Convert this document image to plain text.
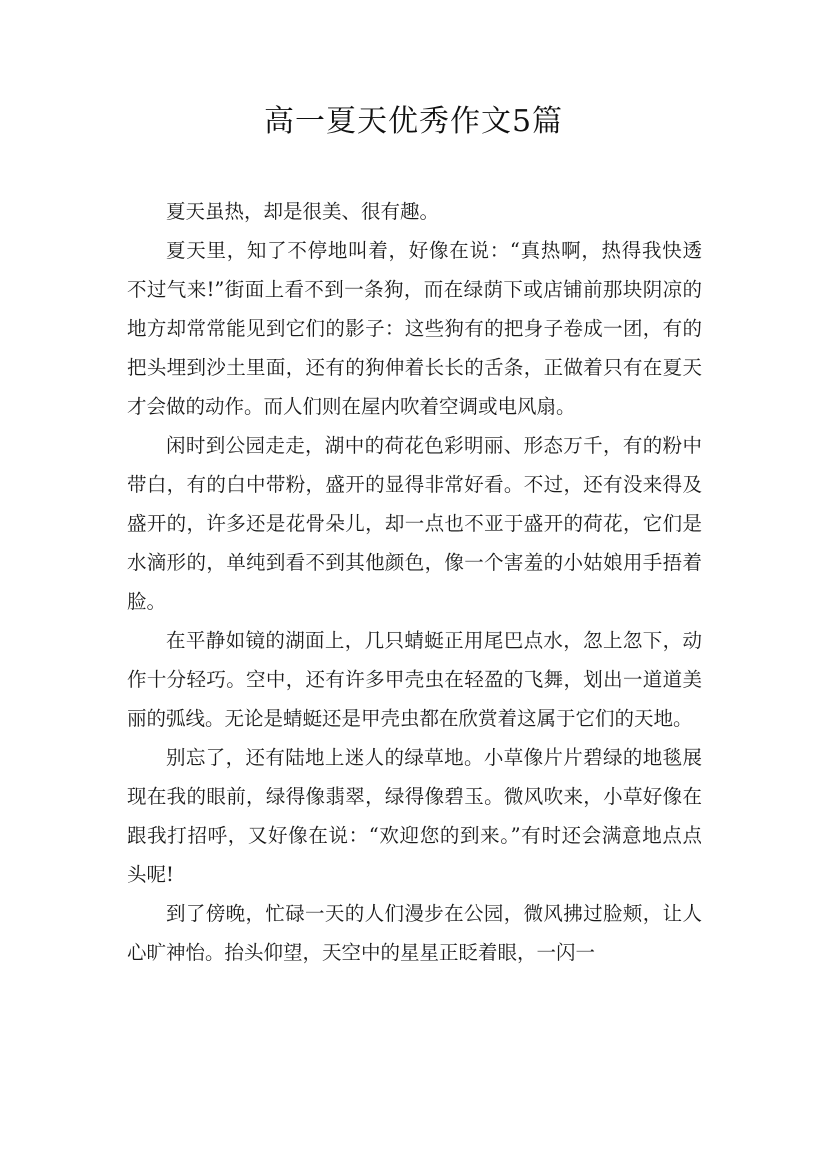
高一夏天优秀作文5篇

夏天虽热，却是很美、很有趣。

夏天里，知了不停地叫着，好像在说：“真热啊，热得我快透不过气来!”街面上看不到一条狗，而在绿荫下或店铺前那块阴凉的地方却常常能见到它们的影子：这些狗有的把身子卷成一团，有的把头埋到沙土里面，还有的狗伸着长长的舌条，正做着只有在夏天才会做的动作。而人们则在屋内吹着空调或电风扇。

闲时到公园走走，湖中的荷花色彩明丽、形态万千，有的粉中带白，有的白中带粉，盛开的显得非常好看。不过，还有没来得及盛开的，许多还是花骨朵儿，却一点也不亚于盛开的荷花，它们是水滴形的，单纯到看不到其他颜色，像一个害羞的小姑娘用手捂着脸。

在平静如镜的湖面上，几只蜻蜓正用尾巴点水，忽上忽下，动作十分轻巧。空中，还有许多甲壳虫在轻盈的飞舞，划出一道道美丽的弧线。无论是蜻蜓还是甲壳虫都在欣赏着这属于它们的天地。

别忘了，还有陆地上迷人的绿草地。小草像片片碧绿的地毯展现在我的眼前，绿得像翡翠，绿得像碧玉。微风吹来，小草好像在跟我打招呼，又好像在说：“欢迎您的到来。”有时还会满意地点点头呢!

到了傍晚，忙碌一天的人们漫步在公园，微风拂过脸颊，让人心旷神怡。抬头仰望，天空中的星星正眨着眼，一闪一
